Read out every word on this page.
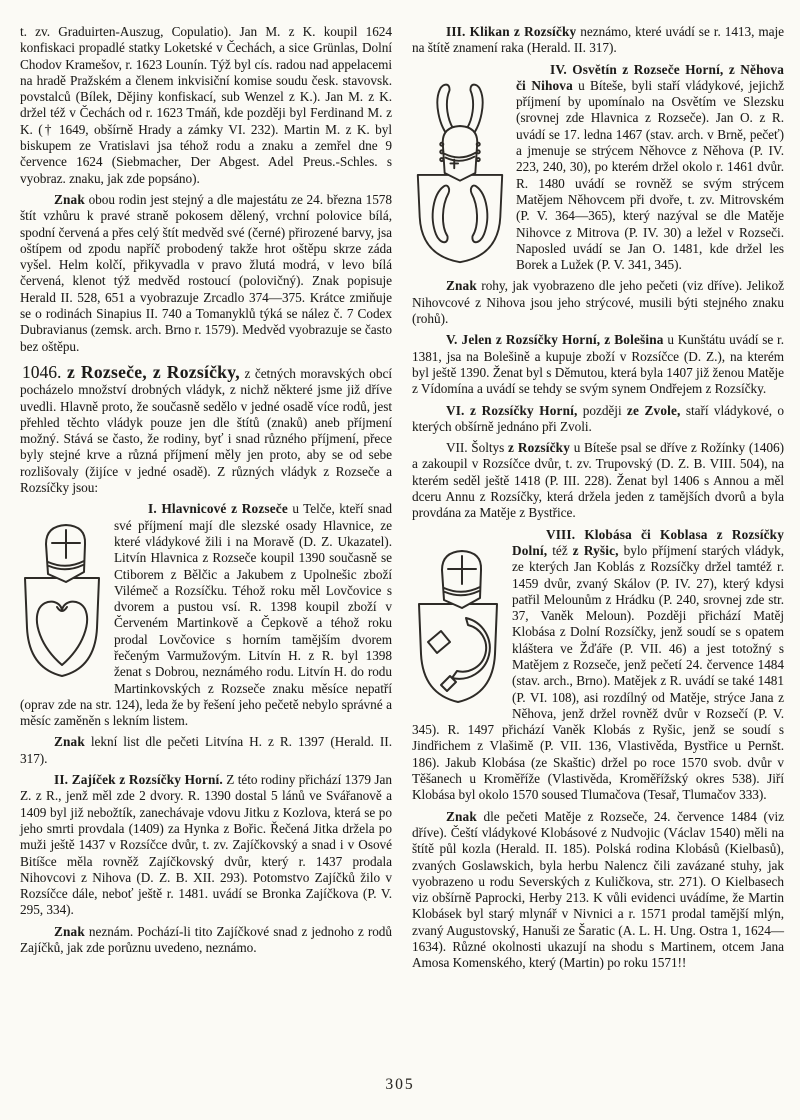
t. zv. Graduirten-Auszug, Copulatio). Jan M. z K. koupil 1624 konfiskaci propadlé statky Loketské v Čechách, a sice Grünlas, Dolní Chodov Kramešov, r. 1623 Lounín. Týž byl cís. radou nad appelacemi na hradě Pražském a členem inkvisiční komise soudu česk. stavovsk. povstalců (Bílek, Dějiny konfiskací, sub Wenzel z K.). Jan M. z K. držel též v Čechách od r. 1623 Tmáň, kde později byl Ferdinand M. z K. († 1649, obšírně Hrady a zámky VI. 232). Martin M. z K. byl biskupem ze Vratislavi jsa téhož rodu a znaku a zemřel dne 9 července 1624 (Siebmacher, Der Abgest. Adel Preus.-Schles. s vyobraz. znaku, jak zde popsáno).

Znak obou rodin jest stejný a dle majestátu ze 24. března 1578 štít vzhůru k pravé straně pokosem dělený, vrchní polovice bílá, spodní červená a přes celý štít medvěd své (černé) přirozené barvy, jsa oštípem od zpodu napříč probodený takže hrot oštěpu skrze záda vyšel. Helm kolčí, přikyvadla v pravo žlutá modrá, v levo bílá červená, klenot týž medvěd rostoucí (polovičný). Znak popisuje Herald II. 528, 651 a vyobrazuje Zrcadlo 374—375. Krátce zmiňuje se o rodinách Sinapius II. 740 a Tomanyklů týká se nález č. 7 Codex Dubravianus (zemsk. arch. Brno r. 1579). Medvěd vyobrazuje se často bez oštěpu.

1046. z Rozseče, z Rozsíčky, z četných moravských obcí pocházelo množství drobných vládyk, z nichž některé jsme již dříve uvedli. Hlavně proto, že současně sedělo v jedné osadě více rodů, jest přehled těchto vládyk pouze jen dle štítů (znaků) aneb příjmení možný. Stává se často, že rodiny, byť i snad různého příjmení, přece byly stejné krve a různá příjmení měly jen proto, aby se od sebe rozlišovaly (žijíce v jedné osadě). Z různých vládyk z Rozseče a Rozsíčky jsou:

I. Hlavnicové z Rozseče u Telče, kteří snad své příjmení mají dle slezské osady Hlavnice, ze které vládykové žili i na Moravě (D. Z. Ukazatel). Litvín Hlavnica z Rozseče koupil 1390 současně se Ctiborem z Bělčic a Jakubem z Upolnešic zboží Vilémeč a Rozsíčku. Téhož roku měl Lovčovice s dvorem a pustou vsí. R. 1398 koupil zboží v Červeném Martinkově a Čepkově a téhož roku prodal Lovčovice s horním tamějším dvorem řečeným Varmužovým. Litvín H. z R. byl 1398 ženat s Dobrou, neznámého rodu. Litvín H. do rodu Martinkovských z Rozseče znaku měsíce nepatří (oprav zde na str. 124), leda že by řešení jeho pečetě nebylo správné a měsíc zaměněn s lekním listem.

Znak lekní list dle pečeti Litvína H. z R. 1397 (Herald. II. 317).

II. Zajíček z Rozsíčky Horní. Z této rodiny přichází 1379 Jan Z. z R., jenž měl zde 2 dvory. R. 1390 dostal 5 lánů ve Svářanově a 1409 byl již nebožtík, zanechávaje vdovu Jitku z Kozlova, která se po jeho smrti provdala (1409) za Hynka z Bořic. Řečená Jitka držela po muži ještě 1437 v Rozsíčce dvůr, t. zv. Zajíčkovský a snad i v Osové Bitíšce měla rovněž Zajíčkovský dvůr, který r. 1437 prodala Nihovcovi z Nihova (D. Z. B. XII. 293). Potomstvo Zajíčků žilo v Rozsíčce dále, neboť ještě r. 1481. uvádí se Bronka Zajíčkova (P. V. 295, 334).

Znak neznám. Pochází-li tito Zajíčkové snad z jednoho z rodů Zajíčků, jak zde porůznu uvedeno, neznámo.

III. Klikan z Rozsíčky neznámo, které uvádí se r. 1413, maje na štítě znamení raka (Herald. II. 317).

IV. Osvětín z Rozseče Horní, z Něhova či Nihova u Bíteše, byli staří vládykové, jejichž příjmení by upomínalo na Osvětím ve Slezsku (srovnej zde Hlavnica z Rozseče). Jan O. z R. uvádí se 17. ledna 1467 (stav. arch. v Brně, pečeť) a jmenuje se strýcem Něhovce z Něhova (P. IV. 223, 240, 30), po kterém držel okolo r. 1461 dvůr. R. 1480 uvádí se rovněž se svým strýcem Matějem Něhovcem při dvoře, t. zv. Mitrovském (P. V. 364—365), který nazýval se dle Matěje Nihovce z Mitrova (P. IV. 30) a ležel v Rozseči. Naposled uvádí se Jan O. 1481, kde držel les Borek a Lužek (P. V. 341, 345).

Znak rohy, jak vyobrazeno dle jeho pečeti (viz dříve). Jelikož Nihovcové z Nihova jsou jeho strýcové, musili býti stejného znaku (rohů).

V. Jelen z Rozsíčky Horní, z Bolešina u Kunštátu uvádí se r. 1381, jsa na Bolešině a kupuje zboží v Rozsíčce (D. Z.), na kterém byl ještě 1390. Ženat byl s Děmutou, která byla 1407 již ženou Matěje z Vídomína a uvádí se tehdy se svým synem Ondřejem z Rozsíčky.

VI. z Rozsíčky Horní, později ze Zvole, staří vládykové, o kterých obšírně jednáno při Zvoli.

VII. Šoltys z Rozsíčky u Bíteše psal se dříve z Rožínky (1406) a zakoupil v Rozsíčce dvůr, t. zv. Trupovský (D. Z. B. VIII. 504), na kterém seděl ještě 1418 (P. III. 228). Ženat byl 1406 s Annou a měl dceru Annu z Rozsíčky, která držela jeden z tamějších dvorů a byla provdána za Matěje z Bystřice.

VIII. Klobása či Koblasa z Rozsíčky Dolní, též z Ryšic, bylo příjmení starých vládyk, ze kterých Jan Koblás z Rozsíčky držel tamtéž r. 1459 dvůr, zvaný Skálov (P. IV. 27), který kdysi patřil Melounům z Hrádku (P. 240, srovnej zde str. 37, Vaněk Meloun). Později přichází Matěj Klobása z Dolní Rozsíčky, jenž soudí se s opatem kláštera ve Žďáře (P. VII. 46) a jest totožný s Matějem z Rozseče, jenž pečetí 24. července 1484 (stav. arch., Brno). Matějek z R. uvádí se také 1481 (P. VI. 108), asi rozdílný od Matěje, strýce Jana z Něhova, jenž držel rovněž dvůr v Rozsečí (P. V. 345). R. 1497 přichází Vaněk Klobás z Ryšic, jenž se soudí s Jindřichem z Vlašimě (P. VII. 136, Vlastivěda, Bystřice u Pernšt. 186). Jakub Klobása (ze Skaštic) držel po roce 1570 svob. dvůr v Těšanech u Kroměříže (Vlastivěda, Kroměřížský okres 538). Jiří Klobása byl okolo 1570 soused Tlumačova (Tesař, Tlumačov 333).

Znak dle pečeti Matěje z Rozseče, 24. července 1484 (viz dříve). Čeští vládykové Klobásové z Nudvojic (Václav 1540) měli na štítě půl kozla (Herald. II. 185). Polská rodina Klobásů (Kielbasů), zvaných Goslawskich, byla herbu Nalencz čili zavázané stuhy, jak vyobrazeno u rodu Severských z Kuličkova, str. 271). O Kielbasech viz obšírně Paprocki, Herby 213. K vůli evidenci uvádíme, že Martin Klobásek byl starý mlynář v Nivnici a r. 1571 prodal tamější mlýn, zvaný Augustovský, Hanuši ze Šaratic (A. L. H. Ung. Ostra 1, 1624—1634). Různé okolnosti ukazují na shodu s Martinem, otcem Jana Amosa Komenského, který (Martin) po roku 1571!!

305
